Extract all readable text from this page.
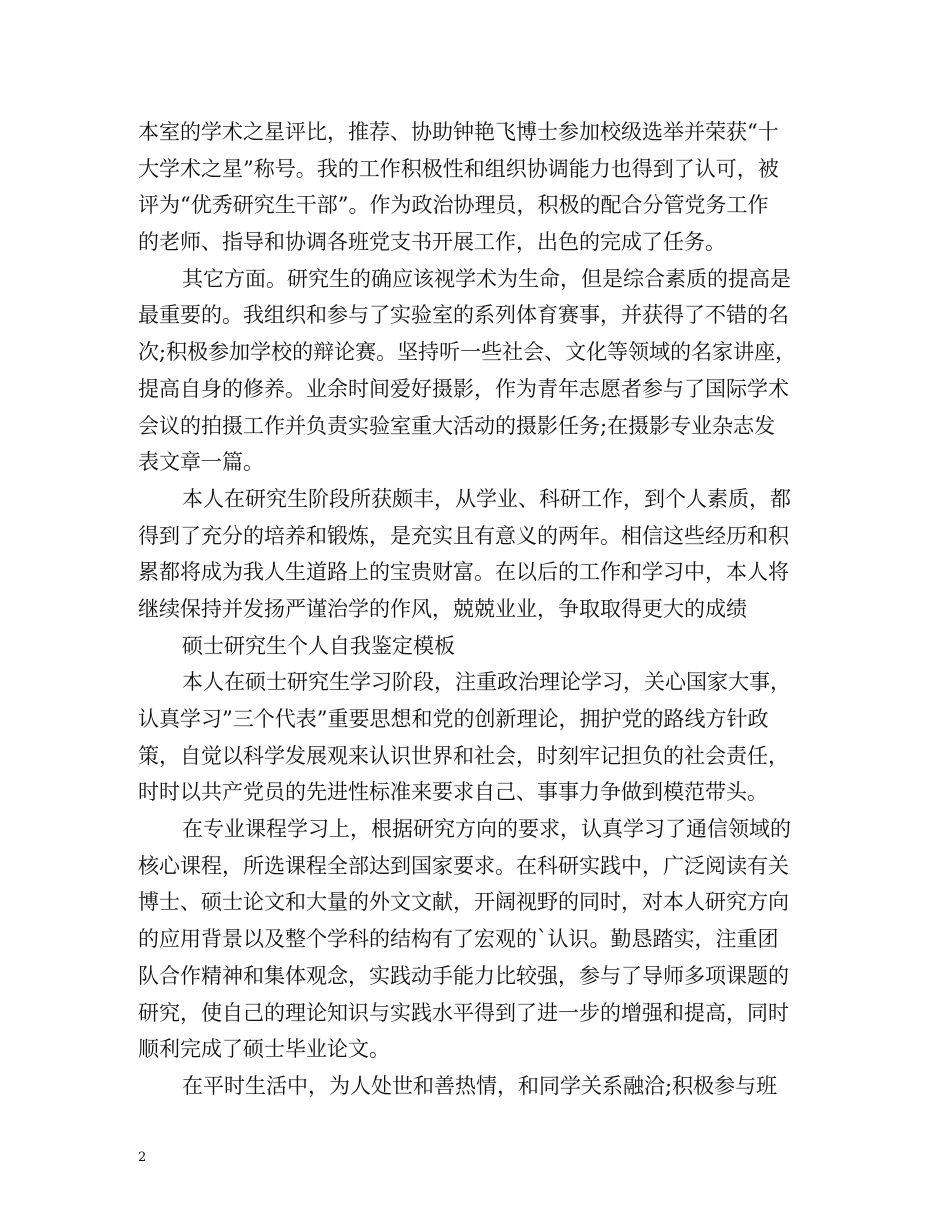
本室的学术之星评比，推荐、协助钟艳飞博士参加校级选举并荣获“十
大学术之星”称号。我的工作积极性和组织协调能力也得到了认可，被
评为“优秀研究生干部”。作为政治协理员，积极的配合分管党务工作
的老师、指导和协调各班党支书开展工作，出色的完成了任务。
其它方面。研究生的确应该视学术为生命，但是综合素质的提高是
最重要的。我组织和参与了实验室的系列体育赛事，并获得了不错的名
次;积极参加学校的辩论赛。坚持听一些社会、文化等领域的名家讲座，
提高自身的修养。业余时间爱好摄影，作为青年志愿者参与了国际学术
会议的拍摄工作并负责实验室重大活动的摄影任务;在摄影专业杂志发
表文章一篇。
本人在研究生阶段所获颇丰，从学业、科研工作，到个人素质，都
得到了充分的培养和锻炼，是充实且有意义的两年。相信这些经历和积
累都将成为我人生道路上的宝贵财富。在以后的工作和学习中，本人将
继续保持并发扬严谨治学的作风，兢兢业业，争取取得更大的成绩
硕士研究生个人自我鉴定模板
本人在硕士研究生学习阶段，注重政治理论学习，关心国家大事，
认真学习”三个代表”重要思想和党的创新理论，拥护党的路线方针政
策，自觉以科学发展观来认识世界和社会，时刻牢记担负的社会责任，
时时以共产党员的先进性标准来要求自己、事事力争做到模范带头。
在专业课程学习上，根据研究方向的要求，认真学习了通信领域的
核心课程，所选课程全部达到国家要求。在科研实践中，广泛阅读有关
博士、硕士论文和大量的外文文献，开阔视野的同时，对本人研究方向
的应用背景以及整个学科的结构有了宏观的`认识。勤恳踏实，注重团
队合作精神和集体观念，实践动手能力比较强，参与了导师多项课题的
研究，使自己的理论知识与实践水平得到了进一步的增强和提高，同时
顺利完成了硕士毕业论文。
在平时生活中，为人处世和善热情，和同学关系融洽;积极参与班
2
